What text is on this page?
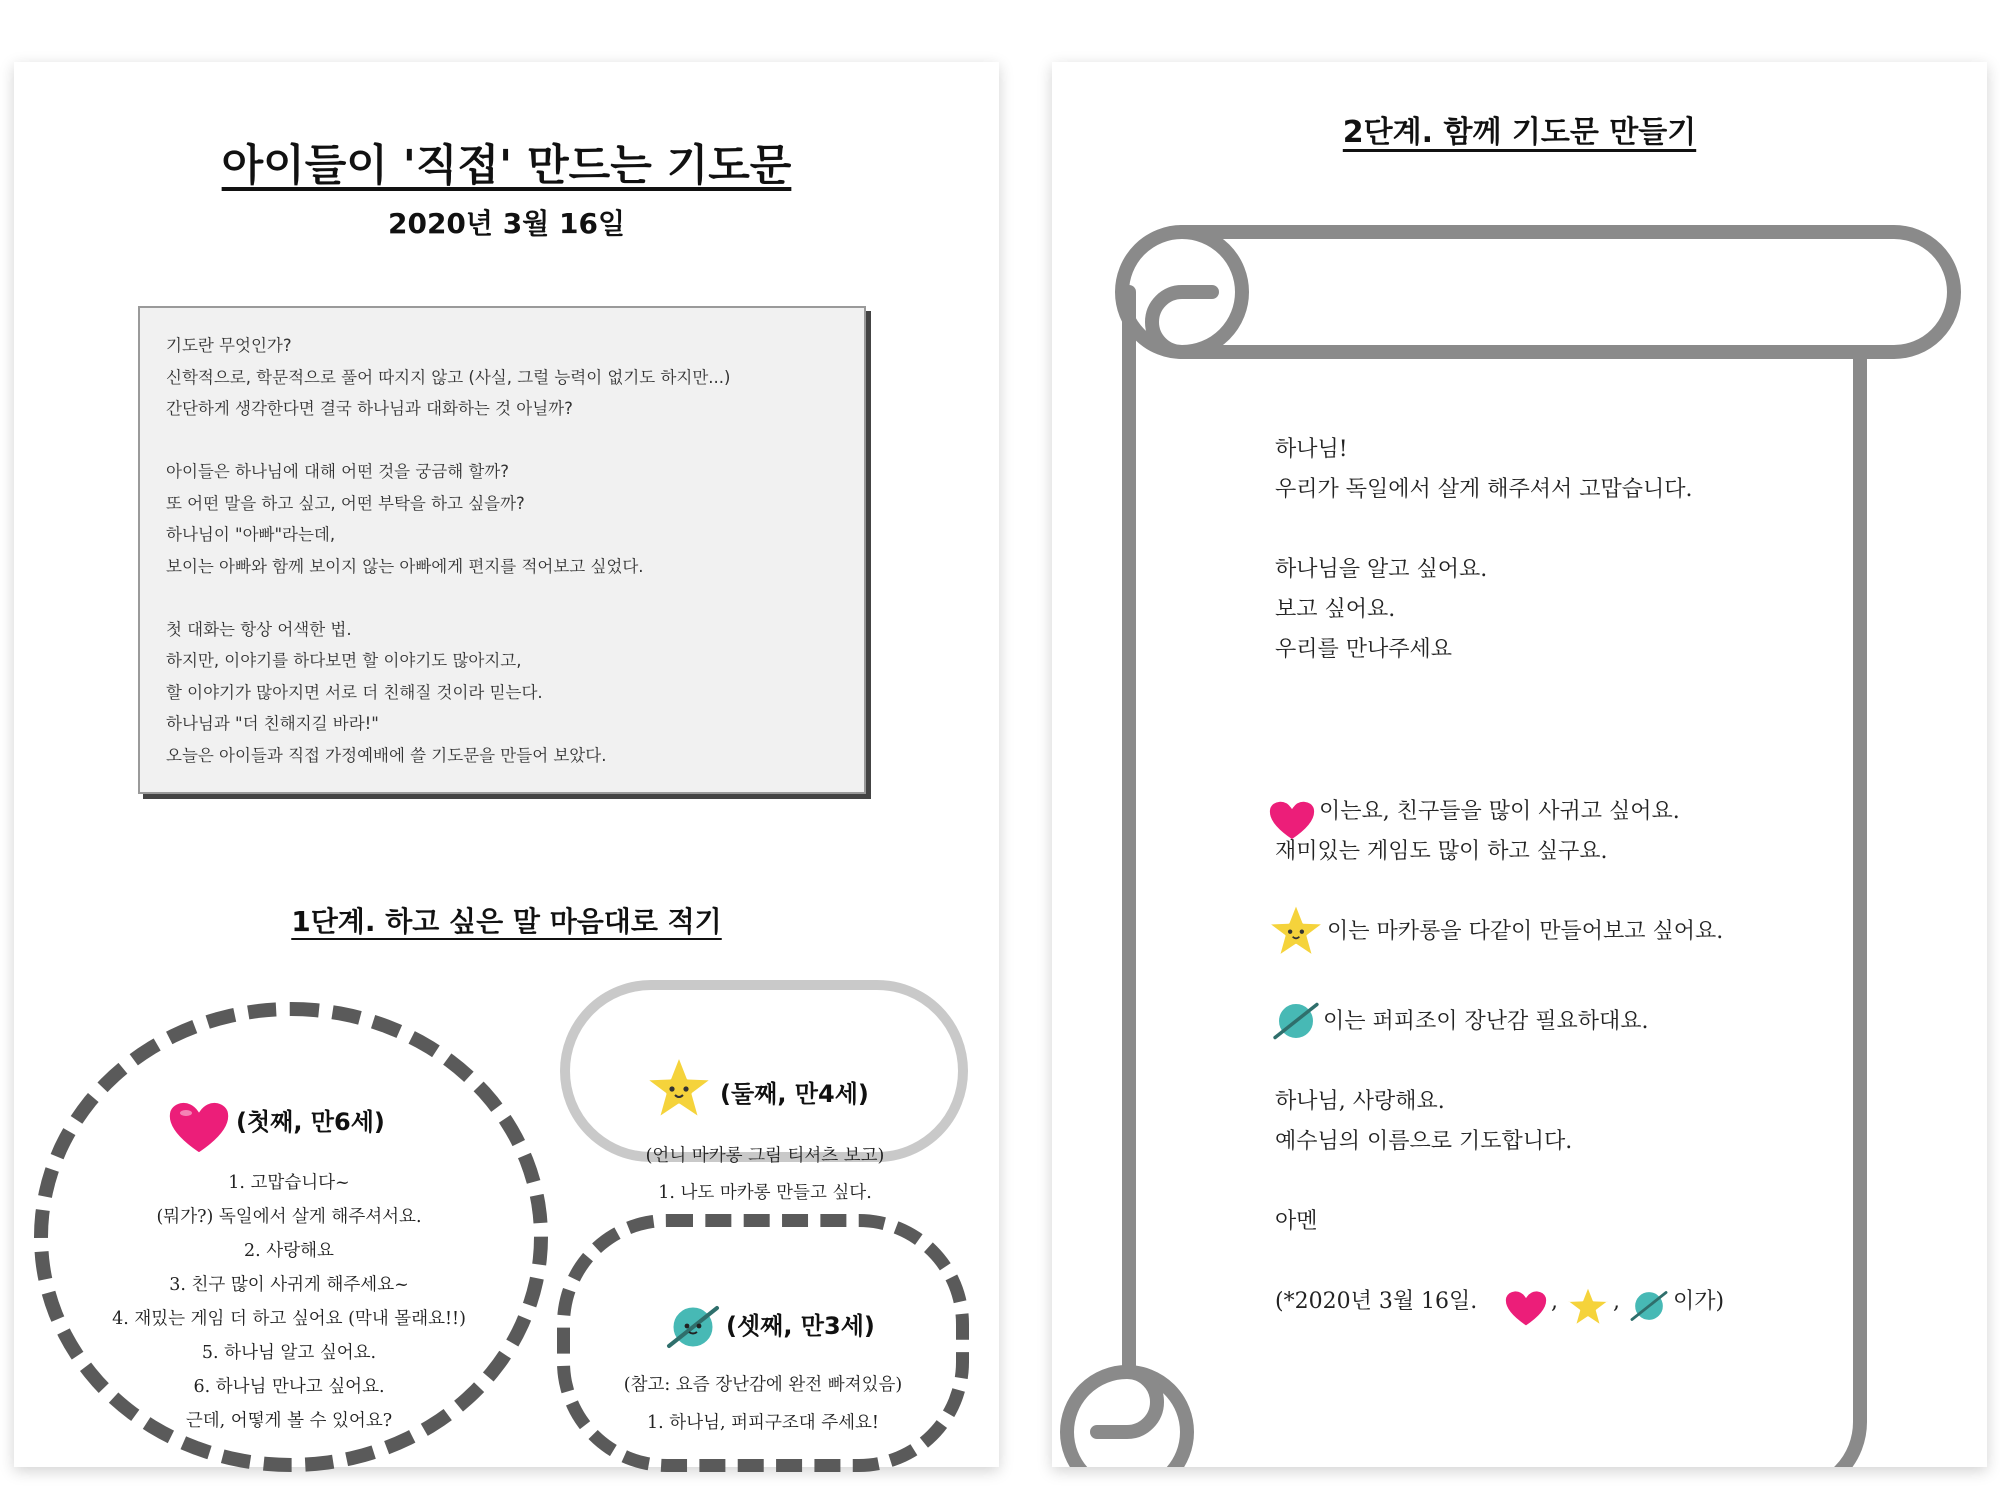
아이들이 '직접' 만드는 기도문
2020년 3월 16일
기도란 무엇인가?
신학적으로, 학문적으로 풀어 따지지 않고 (사실, 그럴 능력이 없기도 하지만...)
간단하게 생각한다면 결국 하나님과 대화하는 것 아닐까?
아이들은 하나님에 대해 어떤 것을 궁금해 할까?
또 어떤 말을 하고 싶고, 어떤 부탁을 하고 싶을까?
하나님이 "아빠"라는데,
보이는 아빠와 함께 보이지 않는 아빠에게 편지를 적어보고 싶었다.
첫 대화는 항상 어색한 법.
하지만, 이야기를 하다보면 할 이야기도 많아지고,
할 이야기가 많아지면 서로 더 친해질 것이라 믿는다.
하나님과 "더 친해지길 바라!"
오늘은 아이들과 직접 가정예배에 쓸 기도문을 만들어 보았다.
1단계. 하고 싶은 말 마음대로 적기
(첫째, 만6세)
1. 고맙습니다~
(뭐가?) 독일에서 살게 해주셔서요.
2. 사랑해요
3. 친구 많이 사귀게 해주세요~
4. 재밌는 게임 더 하고 싶어요 (막내 몰래요!!)
5. 하나님 알고 싶어요.
6. 하나님 만나고 싶어요.
근데, 어떻게 볼 수 있어요?
(둘째, 만4세)
(언니 마카롱 그림 티셔츠 보고)
1. 나도 마카롱 만들고 싶다.
(셋째, 만3세)
(참고: 요즘 장난감에 완전 빠져있음)
1. 하나님, 퍼피구조대 주세요!
2단계. 함께 기도문 만들기
하나님!
우리가 독일에서 살게 해주셔서 고맙습니다.
하나님을 알고 싶어요.
보고 싶어요.
우리를 만나주세요
이는요, 친구들을 많이 사귀고 싶어요.
재미있는 게임도 많이 하고 싶구요.
이는 마카롱을 다같이 만들어보고 싶어요.
이는 퍼피조이 장난감 필요하대요.
하나님, 사랑해요.
예수님의 이름으로 기도합니다.
아멘
(*2020년 3월 16일.	,	, 이가)
